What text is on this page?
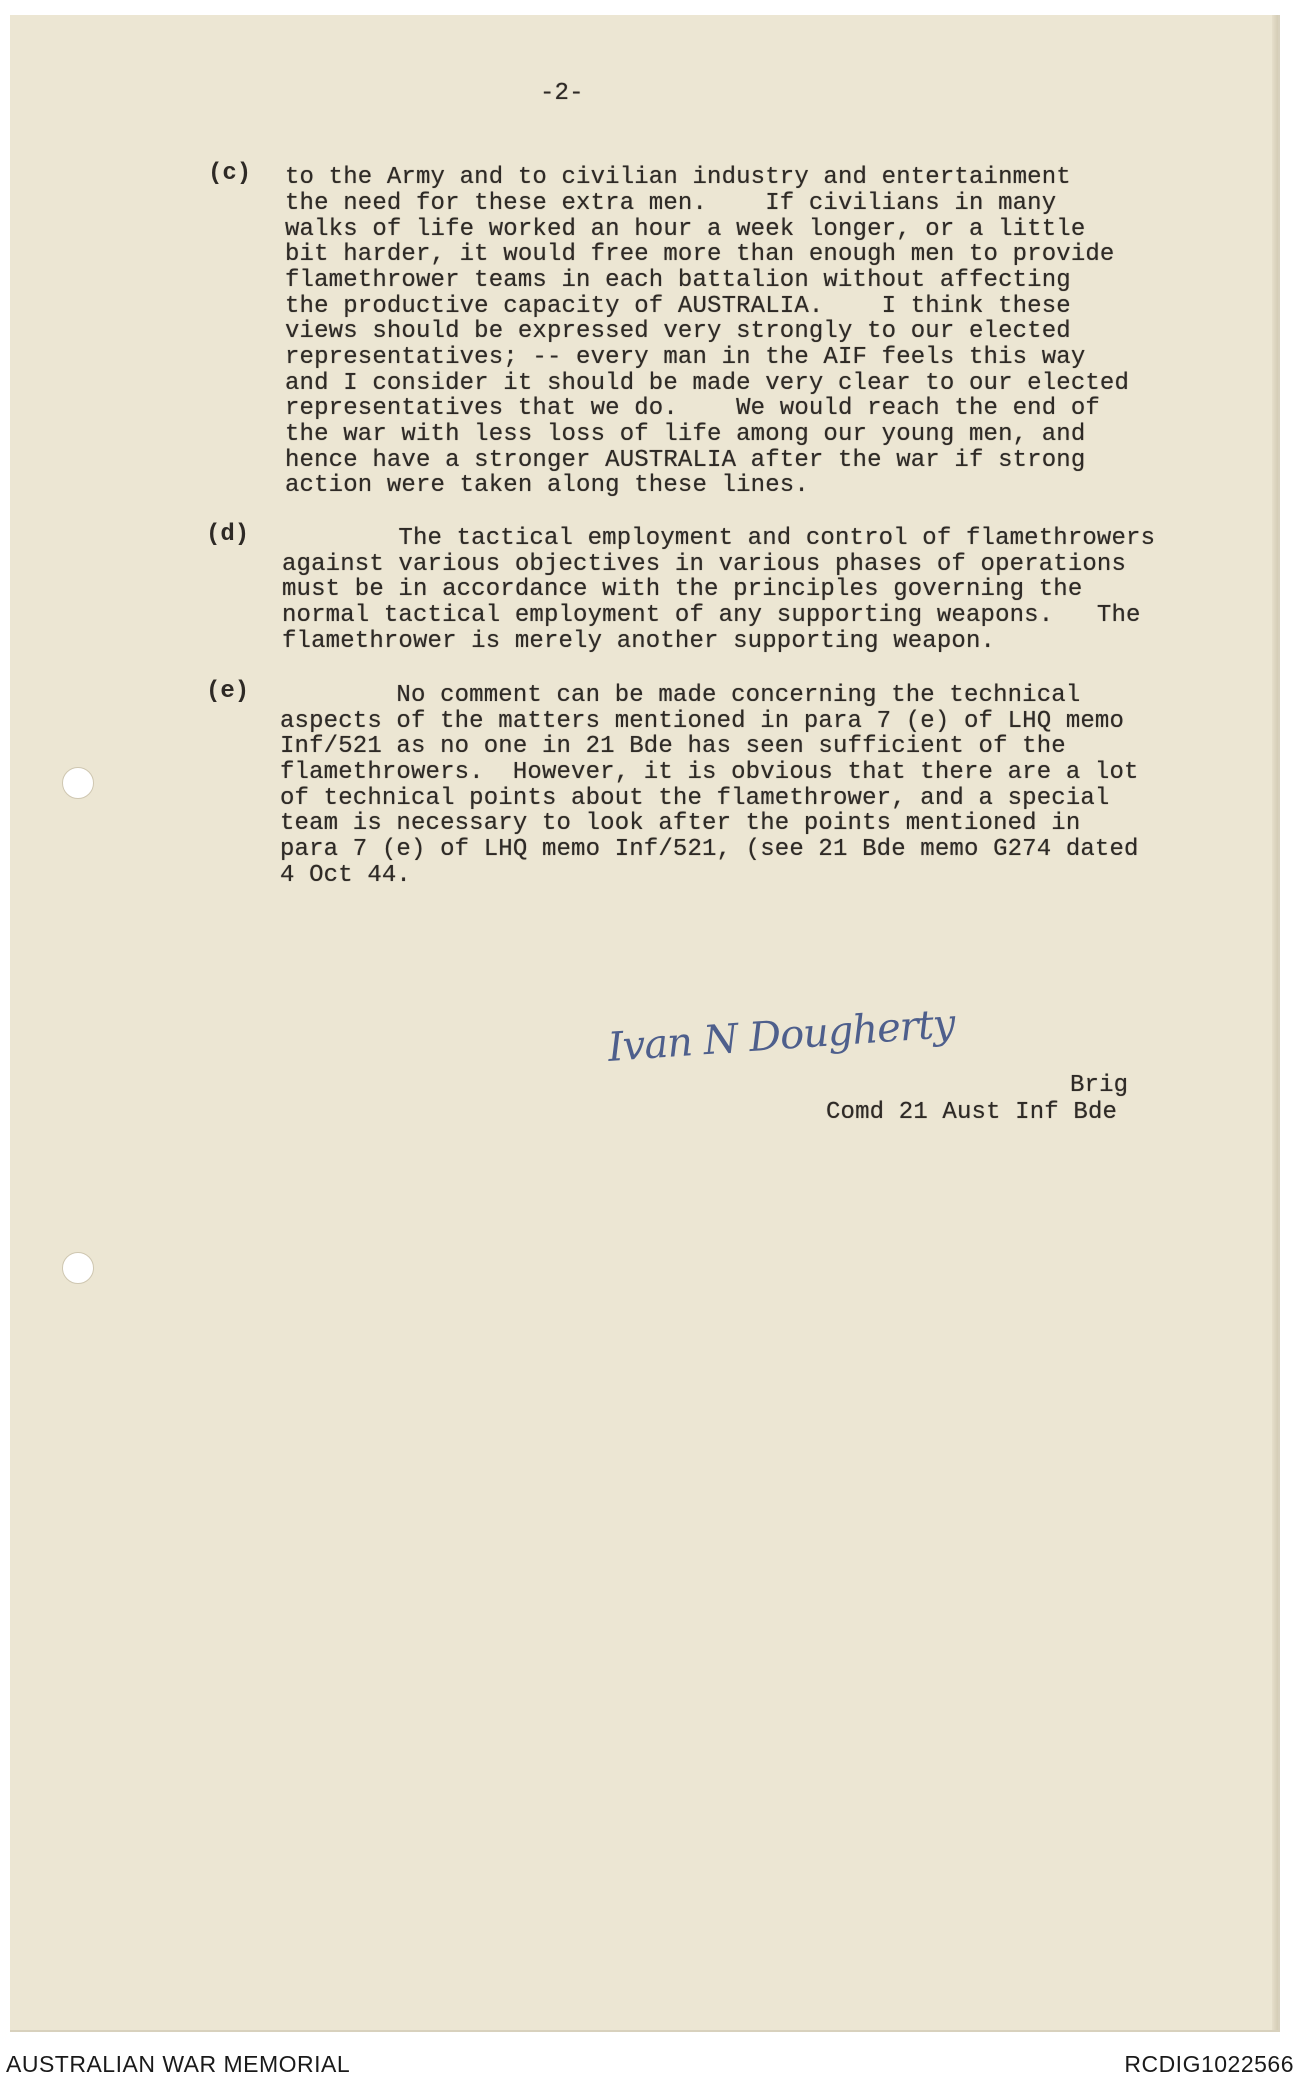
-2-
(c) to the Army and to civilian industry and entertainment
the need for these extra men.    If civilians in many
walks of life worked an hour a week longer, or a little
bit harder, it would free more than enough men to provide
flamethrower teams in each battalion without affecting
the productive capacity of AUSTRALIA.    I think these
views should be expressed very strongly to our elected
representatives; -- every man in the AIF feels this way
and I consider it should be made very clear to our elected
representatives that we do.    We would reach the end of
the war with less loss of life among our young men, and
hence have a stronger AUSTRALIA after the war if strong
action were taken along these lines.
(d) The tactical employment and control of flamethrowers
against various objectives in various phases of operations
must be in accordance with the principles governing the
normal tactical employment of any supporting weapons.   The
flamethrower is merely another supporting weapon.
(e) No comment can be made concerning the technical
aspects of the matters mentioned in para 7 (e) of LHQ memo
Inf/521 as no one in 21 Bde has seen sufficient of the
flamethrowers.  However, it is obvious that there are a lot
of technical points about the flamethrower, and a special
team is necessary to look after the points mentioned in
para 7 (e) of LHQ memo Inf/521, (see 21 Bde memo G274 dated
4 Oct 44.
Ivan N Dougherty
Brig
Comd 21 Aust Inf Bde
AUSTRALIAN WAR MEMORIAL	RCDIG1022566
